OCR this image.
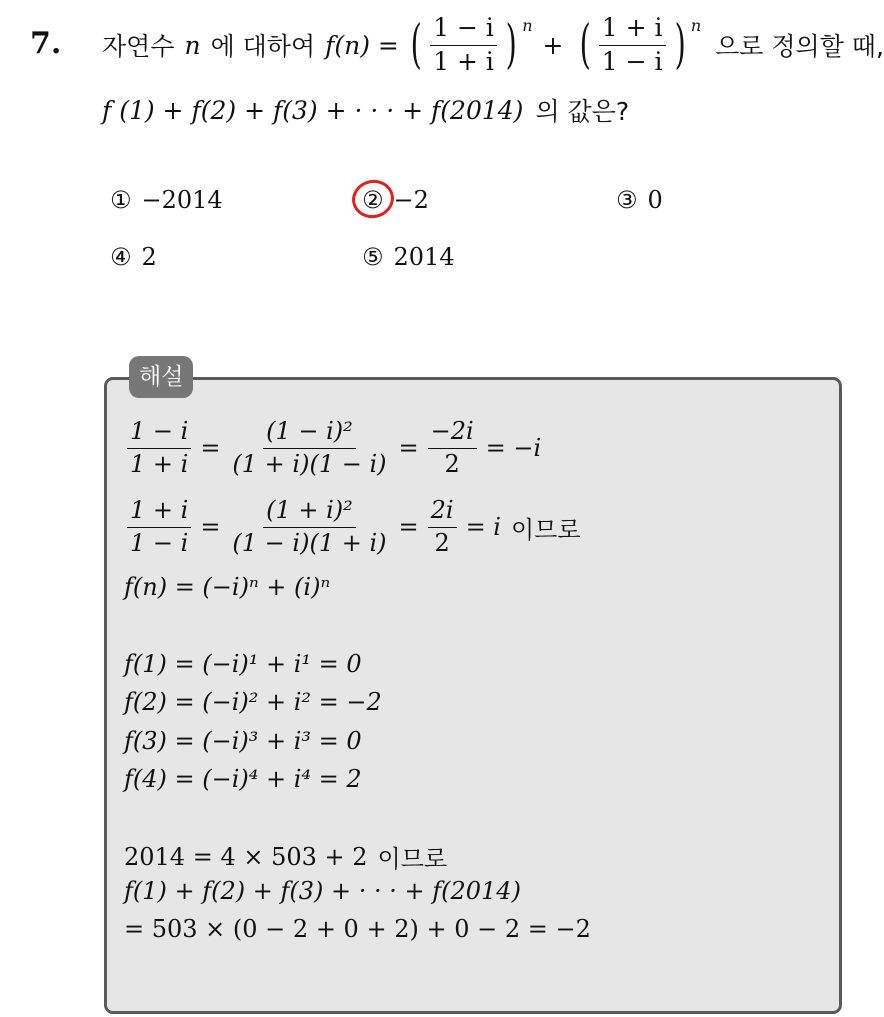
7. 자연수 n 에 대하여 f(n) = ( $\frac{1 - i}{1 + i}$ ) n
+ ( $\frac{1 + i}{1 - i}$ ) n
으로 정의할 때,
f (1) + f(2) + f(3) + · · · + f(2014) 의 값은?
① −2014	② −2	③ 0
④ 2	⑤ 2014
해설
$\frac{1 - i}{1 + i} = \frac{\text{(1 − i)²}}{(1 + i)(1 - i)} = \frac{-2i}{2} = -i$
$\frac{1 + i}{1 - i} = \frac{\text{(1 + i)²}}{(1 - i)(1 + i)} = \frac{2i}{2} = i$ 이므로
f(n) = (−i)ⁿ + (i)ⁿ
f(1) = (−i)¹ + i¹ = 0
f(2) = (−i)² + i² = −2
f(3) = (−i)³ + i³ = 0
f(4) = (−i)⁴ + i⁴ = 2
2014 = 4 × 503 + 2 이므로
f(1) + f(2) + f(3) + · · · + f(2014)
= 503 × (0 − 2 + 0 + 2) + 0 − 2 = −2
